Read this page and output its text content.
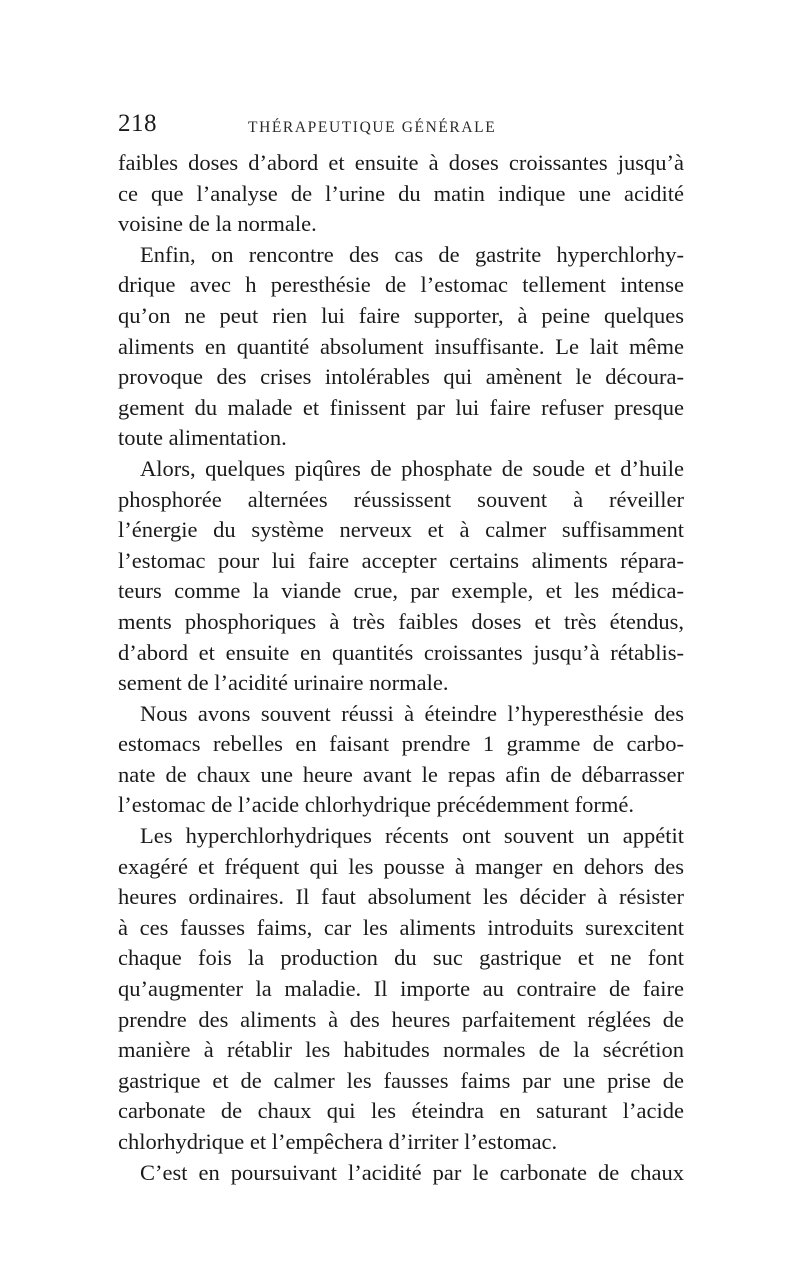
218	THÉRAPEUTIQUE GÉNÉRALE
faibles doses d’abord et ensuite à doses croissantes jusqu’à
ce que l’analyse de l’urine du matin indique une acidité
voisine de la normale.
Enfin, on rencontre des cas de gastrite hyperchlorhy-
drique avec h peresthésie de l’estomac tellement intense
qu’on ne peut rien lui faire supporter, à peine quelques
aliments en quantité absolument insuffisante. Le lait même
provoque des crises intolérables qui amènent le découra-
gement du malade et finissent par lui faire refuser presque
toute alimentation.
Alors, quelques piqûres de phosphate de soude et d’huile
phosphorée alternées réussissent souvent à réveiller
l’énergie du système nerveux et à calmer suffisamment
l’estomac pour lui faire accepter certains aliments répara-
teurs comme la viande crue, par exemple, et les médica-
ments phosphoriques à très faibles doses et très étendus,
d’abord et ensuite en quantités croissantes jusqu’à rétablis-
sement de l’acidité urinaire normale.
Nous avons souvent réussi à éteindre l’hyperesthésie des
estomacs rebelles en faisant prendre 1 gramme de carbo-
nate de chaux une heure avant le repas afin de débarrasser
l’estomac de l’acide chlorhydrique précédemment formé.
Les hyperchlorhydriques récents ont souvent un appétit
exagéré et fréquent qui les pousse à manger en dehors des
heures ordinaires. Il faut absolument les décider à résister
à ces fausses faims, car les aliments introduits surexcitent
chaque fois la production du suc gastrique et ne font
qu’augmenter la maladie. Il importe au contraire de faire
prendre des aliments à des heures parfaitement réglées de
manière à rétablir les habitudes normales de la sécrétion
gastrique et de calmer les fausses faims par une prise de
carbonate de chaux qui les éteindra en saturant l’acide
chlorhydrique et l’empêchera d’irriter l’estomac.
C’est en poursuivant l’acidité par le carbonate de chaux
